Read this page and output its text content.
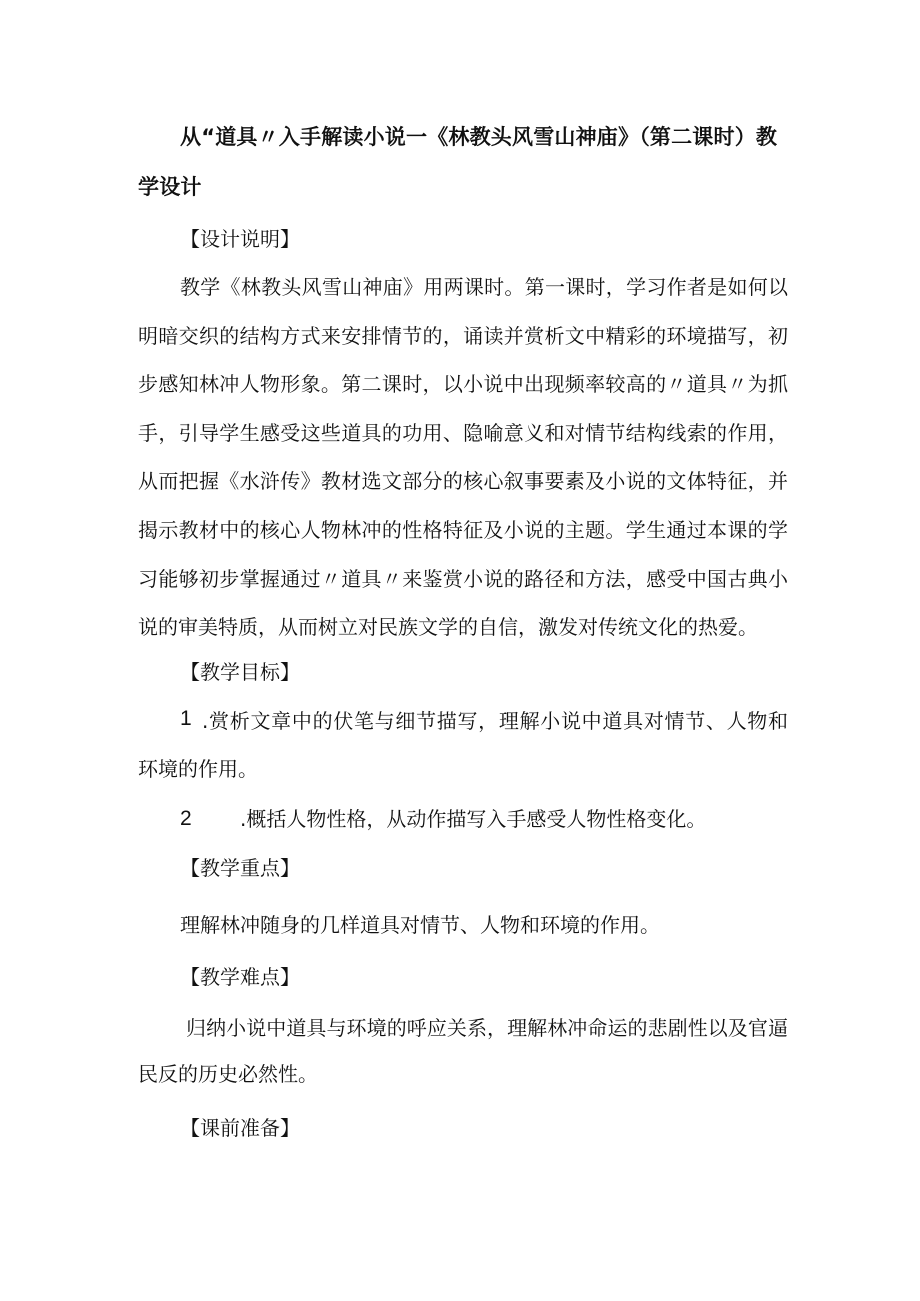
从“道具〃入手解读小说一《林教头风雪山神庙》（第二课时）教学设计

【设计说明】

教学《林教头风雪山神庙》用两课时。第一课时，学习作者是如何以明暗交织的结构方式来安排情节的，诵读并赏析文中精彩的环境描写，初步感知林冲人物形象。第二课时，以小说中出现频率较高的〃道具〃为抓手，引导学生感受这些道具的功用、隐喻意义和对情节结构线索的作用，从而把握《水浒传》教材选文部分的核心叙事要素及小说的文体特征，并揭示教材中的核心人物林冲的性格特征及小说的主题。学生通过本课的学习能够初步掌握通过〃道具〃来鉴赏小说的路径和方法，感受中国古典小说的审美特质，从而树立对民族文学的自信，激发对传统文化的热爱。

【教学目标】

1 .赏析文章中的伏笔与细节描写，理解小说中道具对情节、人物和环境的作用。

2 .概括人物性格，从动作描写入手感受人物性格变化。

【教学重点】

理解林冲随身的几样道具对情节、人物和环境的作用。

【教学难点】

归纳小说中道具与环境的呼应关系，理解林冲命运的悲剧性以及官逼民反的历史必然性。

【课前准备】
